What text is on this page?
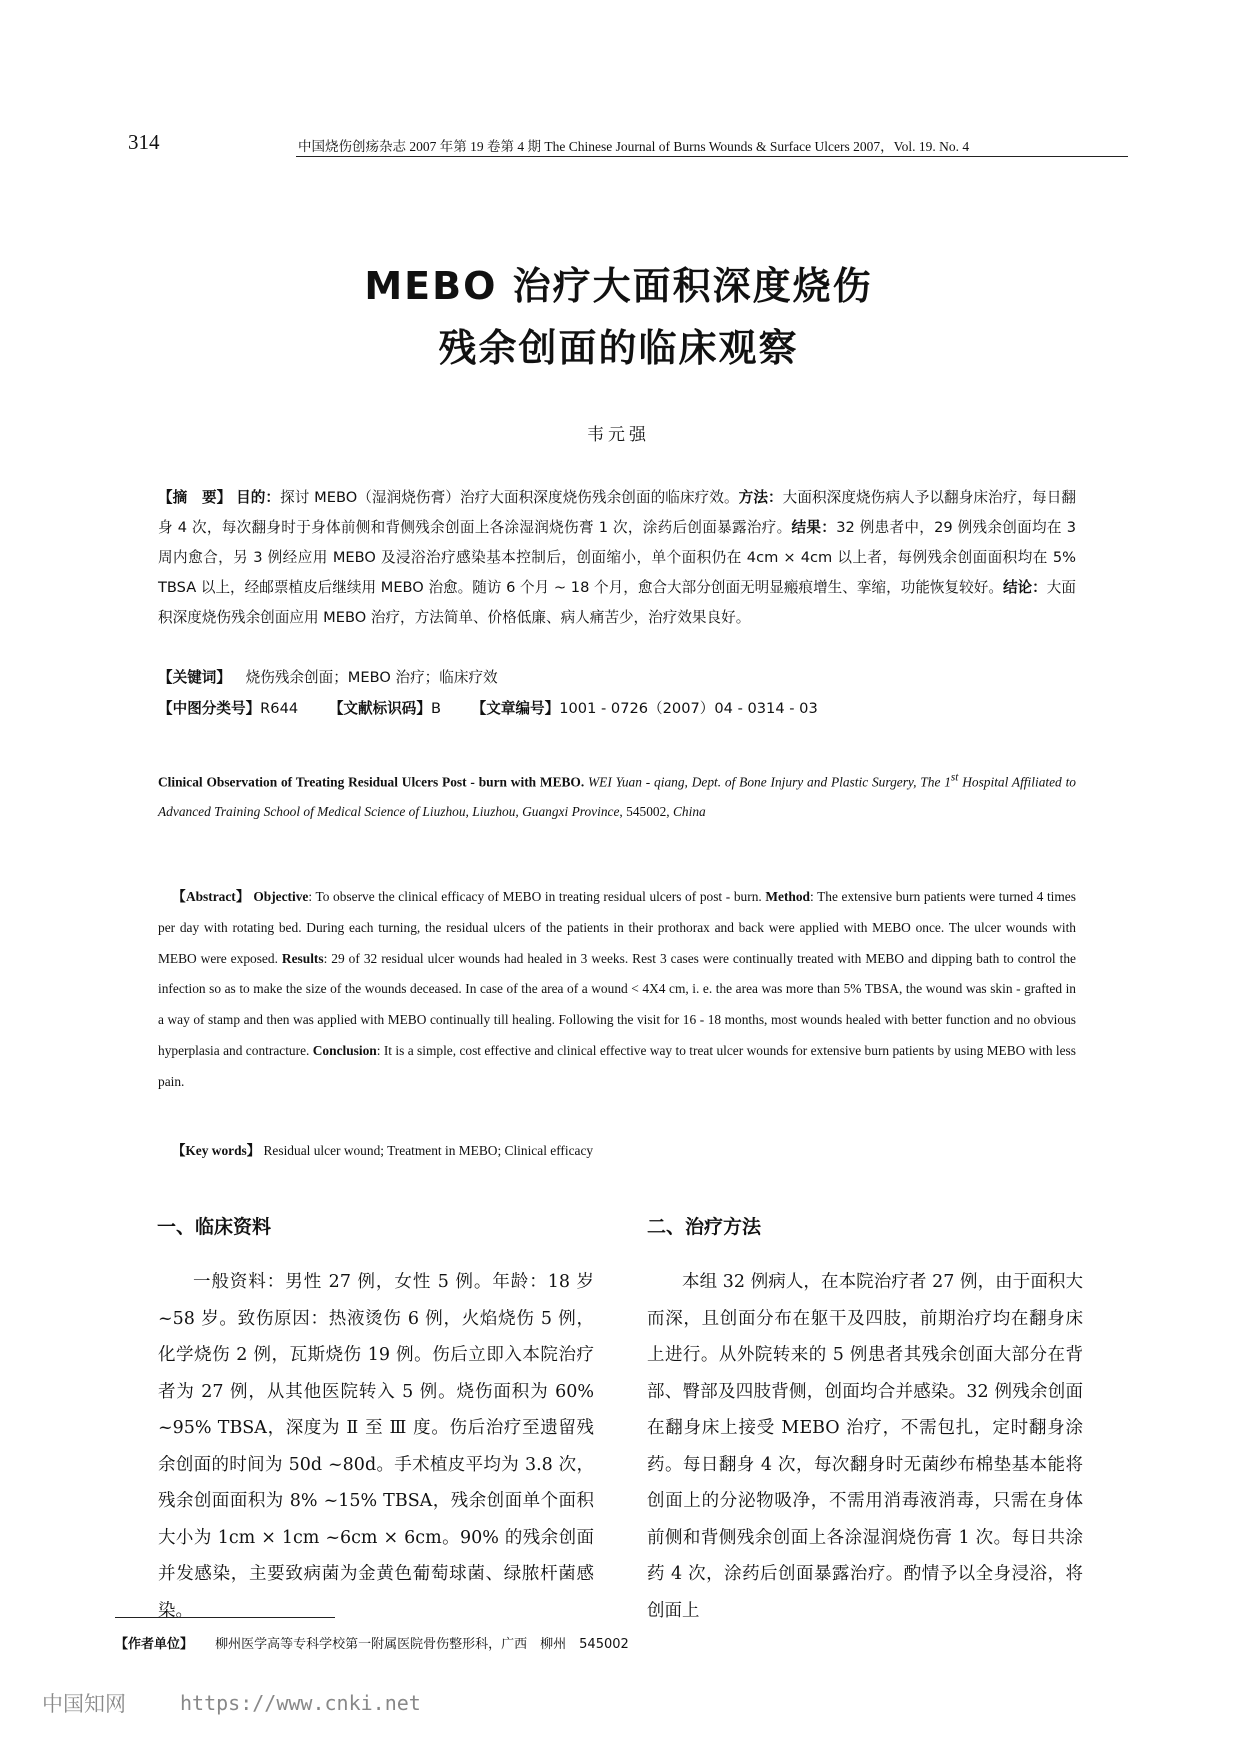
314	中国烧伤创疡杂志 2007 年第 19 卷第 4 期 The Chinese Journal of Burns Wounds & Surface Ulcers 2007，Vol. 19. No. 4
MEBO 治疗大面积深度烧伤
残余创面的临床观察
韦元强
【摘　要】 目的：探讨 MEBO（湿润烧伤膏）治疗大面积深度烧伤残余创面的临床疗效。方法：大面积深度烧伤病人予以翻身床治疗，每日翻身 4 次，每次翻身时于身体前侧和背侧残余创面上各涂湿润烧伤膏 1 次，涂药后创面暴露治疗。结果：32 例患者中，29 例残余创面均在 3 周内愈合，另 3 例经应用 MEBO 及浸浴治疗感染基本控制后，创面缩小，单个面积仍在 4cm × 4cm 以上者，每例残余创面面积均在 5% TBSA 以上，经邮票植皮后继续用 MEBO 治愈。随访 6 个月 ~ 18 个月，愈合大部分创面无明显瘢痕增生、挛缩，功能恢复较好。结论：大面积深度烧伤残余创面应用 MEBO 治疗，方法简单、价格低廉、病人痛苦少，治疗效果良好。
【关键词】 烧伤残余创面；MEBO 治疗；临床疗效
【中图分类号】R644 【文献标识码】B 【文章编号】1001 - 0726（2007）04 - 0314 - 03
Clinical Observation of Treating Residual Ulcers Post - burn with MEBO. WEI Yuan - qiang, Dept. of Bone Injury and Plastic Surgery, The 1st Hospital Affiliated to Advanced Training School of Medical Science of Liuzhou, Liuzhou, Guangxi Province, 545002, China
【Abstract】 Objective: To observe the clinical efficacy of MEBO in treating residual ulcers of post - burn. Method: The extensive burn patients were turned 4 times per day with rotating bed. During each turning, the residual ulcers of the patients in their prothorax and back were applied with MEBO once. The ulcer wounds with MEBO were exposed. Results: 29 of 32 residual ulcer wounds had healed in 3 weeks. Rest 3 cases were continually treated with MEBO and dipping bath to control the infection so as to make the size of the wounds deceased. In case of the area of a wound < 4X4 cm, i. e. the area was more than 5% TBSA, the wound was skin - grafted in a way of stamp and then was applied with MEBO continually till healing. Following the visit for 16 - 18 months, most wounds healed with better function and no obvious hyperplasia and contracture. Conclusion: It is a simple, cost effective and clinical effective way to treat ulcer wounds for extensive burn patients by using MEBO with less pain.
【Key words】 Residual ulcer wound; Treatment in MEBO; Clinical efficacy
一、临床资料
一般资料：男性 27 例，女性 5 例。年龄：18 岁 ~58 岁。致伤原因：热液烫伤 6 例，火焰烧伤 5 例，化学烧伤 2 例，瓦斯烧伤 19 例。伤后立即入本院治疗者为 27 例，从其他医院转入 5 例。烧伤面积为 60% ~95% TBSA，深度为 Ⅱ 至 Ⅲ 度。伤后治疗至遗留残余创面的时间为 50d ~80d。手术植皮平均为 3.8 次，残余创面面积为 8% ~15% TBSA，残余创面单个面积大小为 1cm × 1cm ~6cm × 6cm。90% 的残余创面并发感染，主要致病菌为金黄色葡萄球菌、绿脓杆菌感染。
二、治疗方法
本组 32 例病人，在本院治疗者 27 例，由于面积大而深，且创面分布在躯干及四肢，前期治疗均在翻身床上进行。从外院转来的 5 例患者其残余创面大部分在背部、臀部及四肢背侧，创面均合并感染。32 例残余创面在翻身床上接受 MEBO 治疗，不需包扎，定时翻身涂药。每日翻身 4 次，每次翻身时无菌纱布棉垫基本能将创面上的分泌物吸净，不需用消毒液消毒，只需在身体前侧和背侧残余创面上各涂湿润烧伤膏 1 次。每日共涂药 4 次，涂药后创面暴露治疗。酌情予以全身浸浴，将创面上
【作者单位】 柳州医学高等专科学校第一附属医院骨伤整形科，广西　柳州　545002
中国知网	https://www.cnki.net
